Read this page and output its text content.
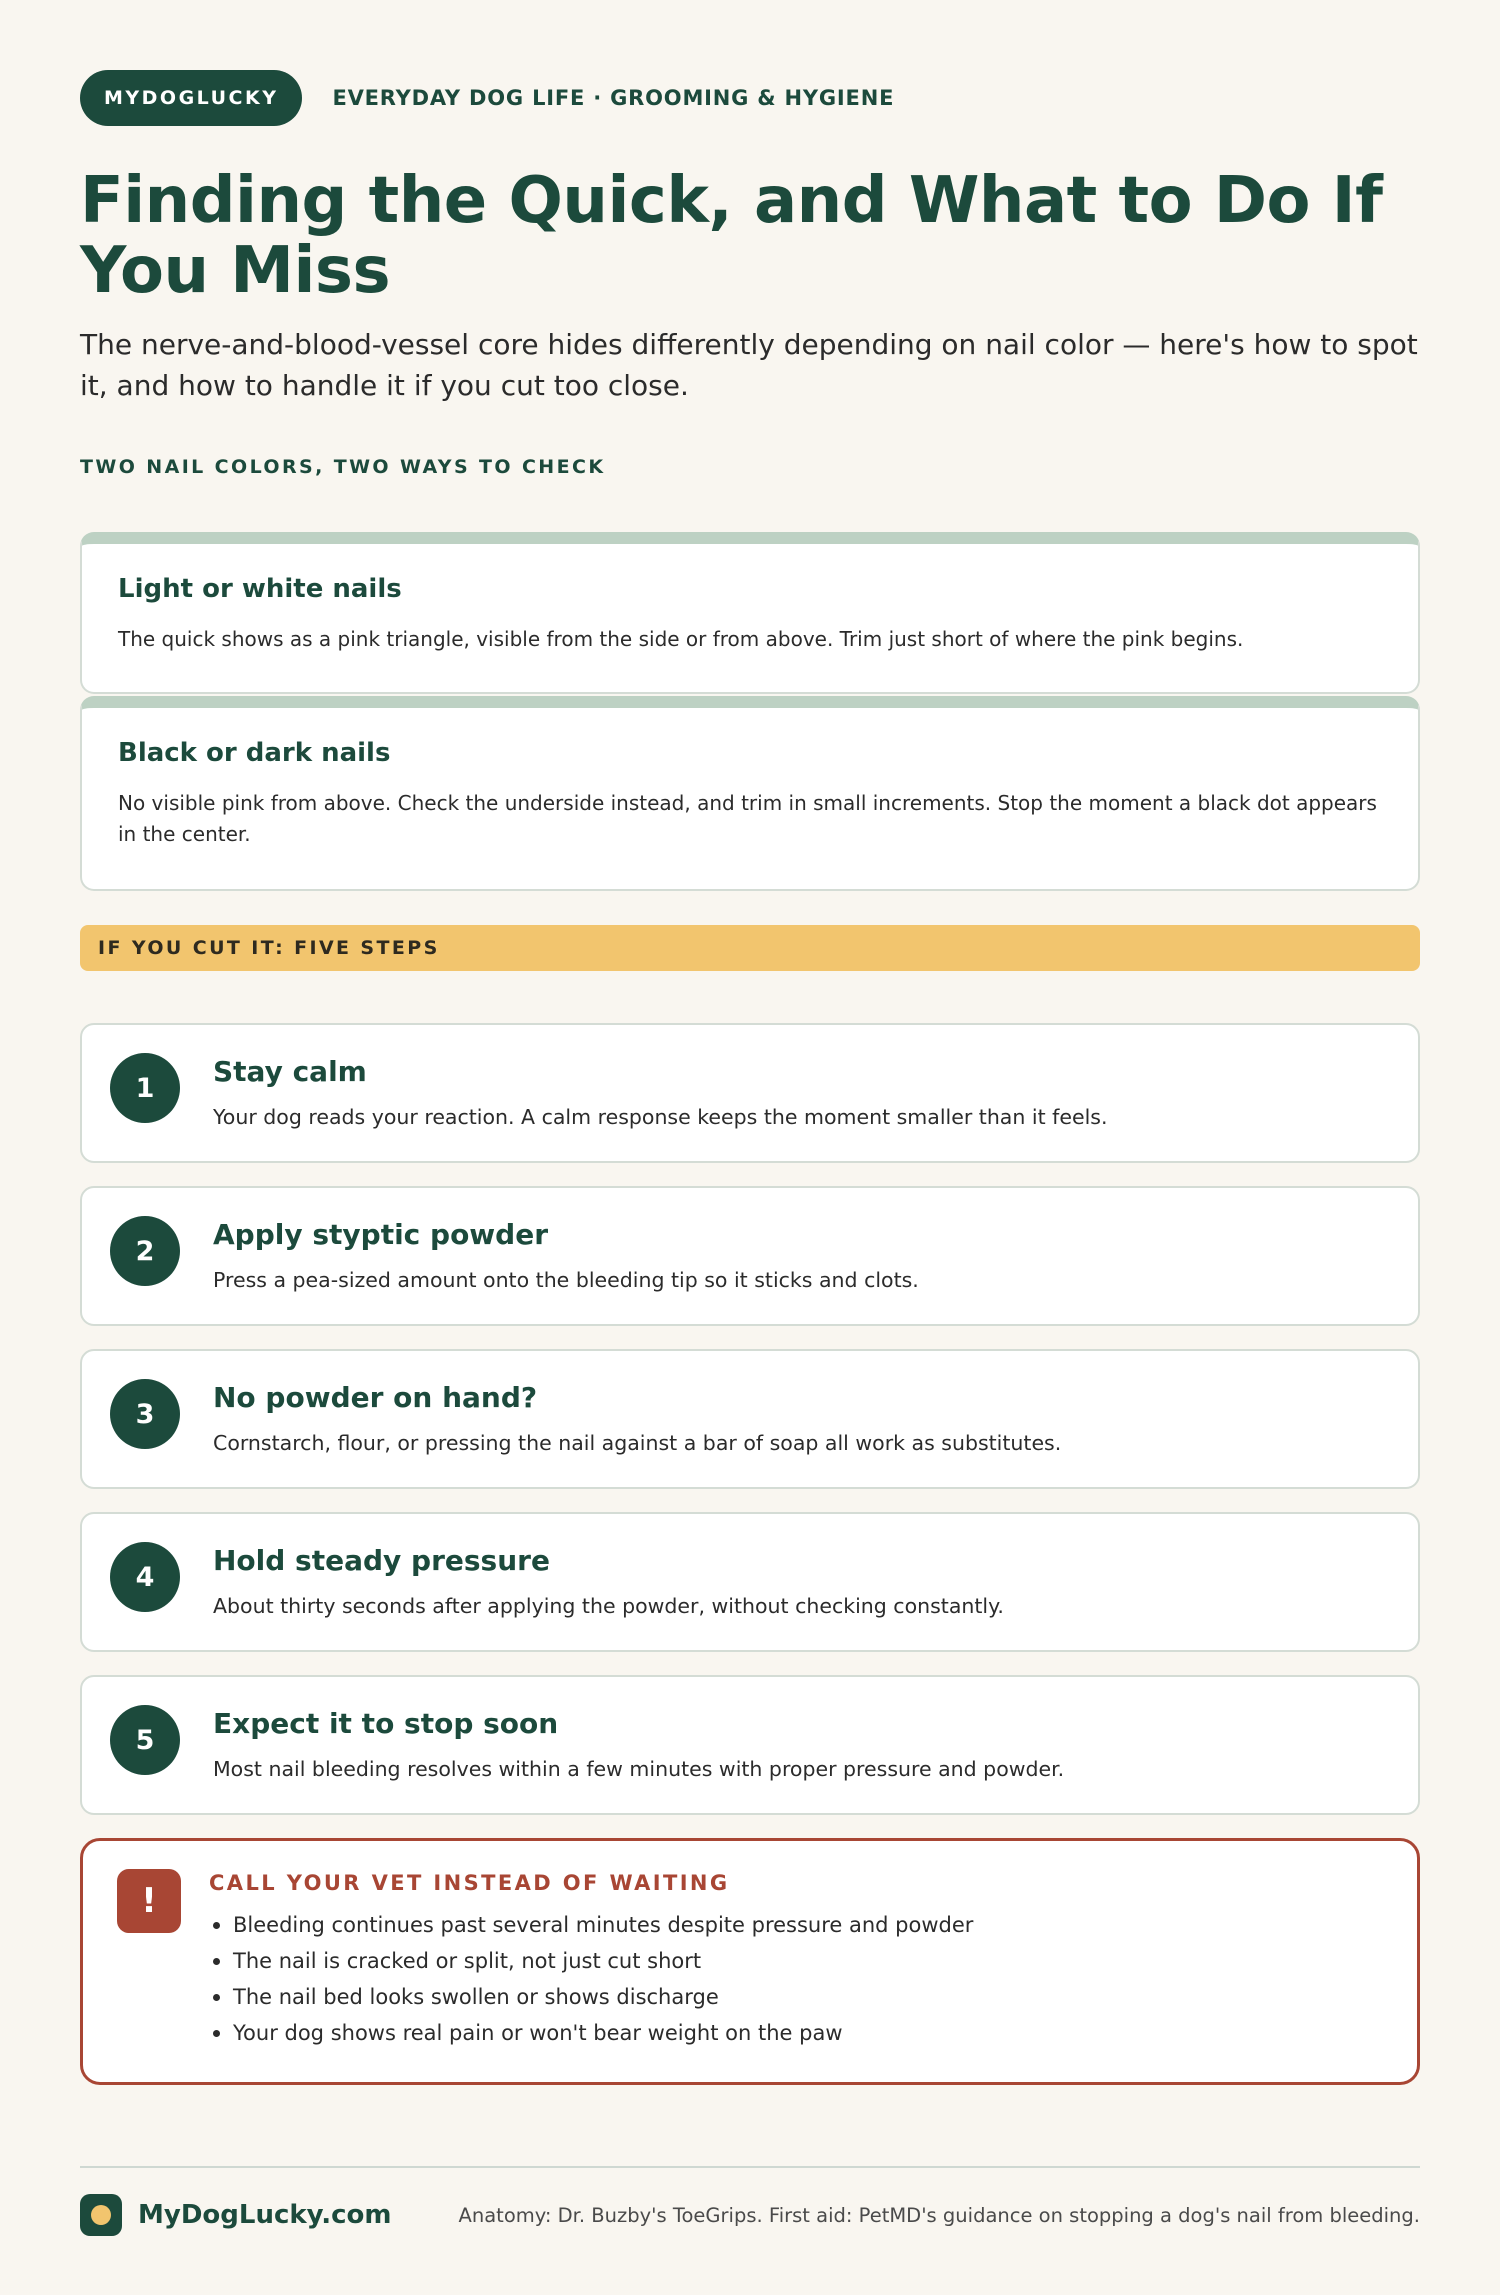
MYDOGLUCKY	EVERYDAY DOG LIFE · GROOMING & HYGIENE
Finding the Quick, and What to Do If You Miss

The nerve-and-blood-vessel core hides differently depending on nail color — here's how to spot it, and how to handle it if you cut too close.

TWO NAIL COLORS, TWO WAYS TO CHECK
Light or white nails

The quick shows as a pink triangle, visible from the side or from above. Trim just short of where the pink begins.

Black or dark nails

No visible pink from above. Check the underside instead, and trim in small increments. Stop the moment a black dot appears in the center.

IF YOU CUT IT: FIVE STEPS
1	Stay calm

Your dog reads your reaction. A calm response keeps the moment smaller than it feels.

2	Apply styptic powder

Press a pea-sized amount onto the bleeding tip so it sticks and clots.

3	No powder on hand?

Cornstarch, flour, or pressing the nail against a bar of soap all work as substitutes.

4	Hold steady pressure

About thirty seconds after applying the powder, without checking constantly.

5	Expect it to stop soon

Most nail bleeding resolves within a few minutes with proper pressure and powder.

!	CALL YOUR VET INSTEAD OF WAITING
Bleeding continues past several minutes despite pressure and powder
The nail is cracked or split, not just cut short
The nail bed looks swollen or shows discharge
Your dog shows real pain or won't bear weight on the paw
MyDogLucky.com	Anatomy: Dr. Buzby's ToeGrips. First aid: PetMD's guidance on stopping a dog's nail from bleeding.
